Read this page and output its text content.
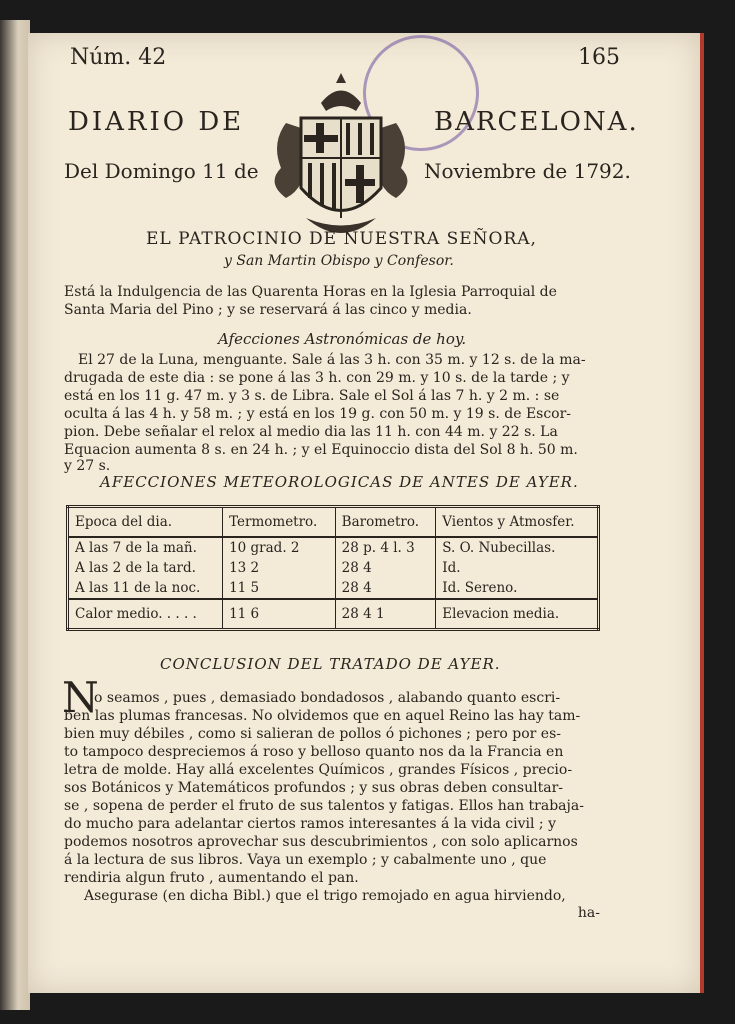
Núm. 42	165
DIARIO DE	BARCELONA.
Del Domingo 11 de	Noviembre de 1792.
EL PATROCINIO DE NUESTRA SEÑORA,
y San Martin Obispo y Confesor.
Está la Indulgencia de las Quarenta Horas en la Iglesia Parroquial de
Santa Maria del Pino ; y se reservará á las cinco y media.
Afecciones Astronómicas de hoy.
El 27 de la Luna, menguante. Sale á las 3 h. con 35 m. y 12 s. de la ma-
drugada de este dia : se pone á las 3 h. con 29 m. y 10 s. de la tarde ; y
está en los 11 g. 47 m. y 3 s. de Libra. Sale el Sol á las 7 h. y 2 m. : se
oculta á las 4 h. y 58 m. ; y está en los 19 g. con 50 m. y 19 s. de Escor-
pion. Debe señalar el relox al medio dia las 11 h. con 44 m. y 22 s. La
Equacion aumenta 8 s. en 24 h. ; y el Equinoccio dista del Sol 8 h. 50 m.
y 27 s.
AFECCIONES METEOROLOGICAS DE ANTES DE AYER.
Epoca del dia.	Termometro.	Barometro.	Vientos y Atmosfer.
A las 7 de la mañ.	10 grad. 2	28 p. 4 l. 3	S. O. Nubecillas.
A las 2 de la tard.	13 2	28 4	Id.
A las 11 de la noc.	11 5	28 4	Id. Sereno.
Calor medio. . . . .	11 6	28 4 1	Elevacion media.
CONCLUSION DEL TRATADO DE AYER.
N
o seamos , pues , demasiado bondadosos , alabando quanto escri-
ben las plumas francesas. No olvidemos que en aquel Reino las hay tam-
bien muy débiles , como si salieran de pollos ó pichones ; pero por es-
to tampoco despreciemos á roso y belloso quanto nos da la Francia en
letra de molde. Hay allá excelentes Químicos , grandes Físicos , precio-
sos Botánicos y Matemáticos profundos ; y sus obras deben consultar-
se , sopena de perder el fruto de sus talentos y fatigas. Ellos han trabaja-
do mucho para adelantar ciertos ramos interesantes á la vida civil ; y
podemos nosotros aprovechar sus descubrimientos , con solo aplicarnos
á la lectura de sus libros. Vaya un exemplo ; y cabalmente uno , que
rendiria algun fruto , aumentando el pan.
Asegurase (en dicha Bibl.) que el trigo remojado en agua hirviendo,
ha-
